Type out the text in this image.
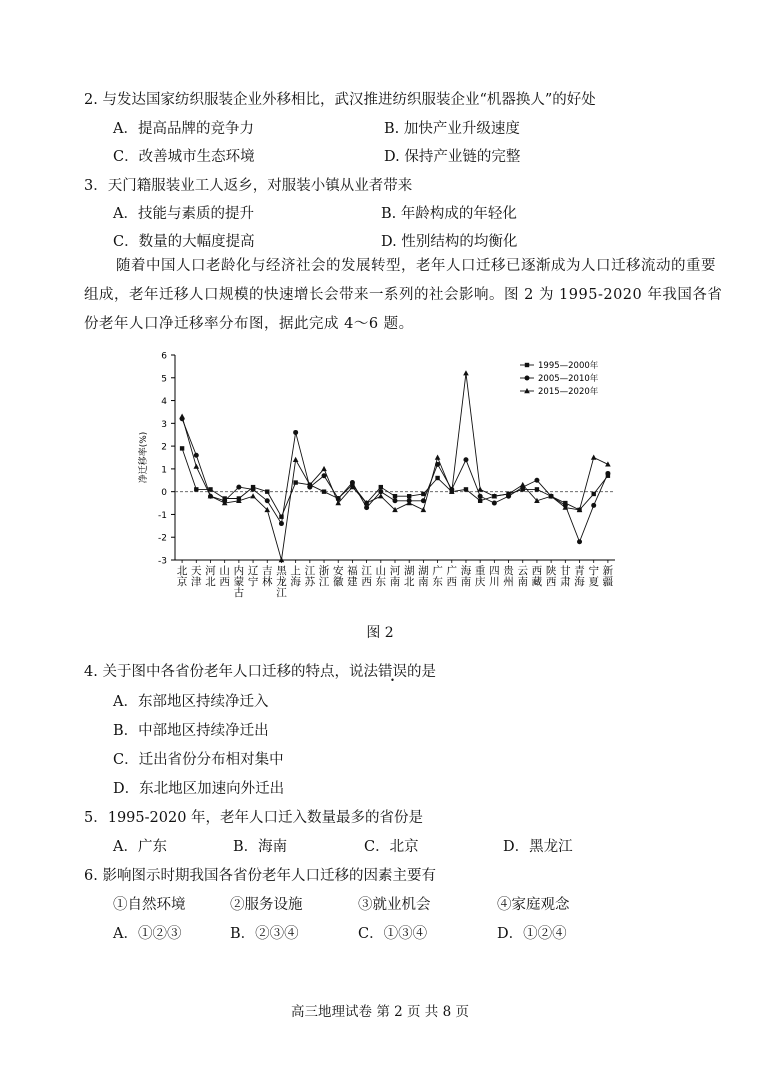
2. 与发达国家纺织服装企业外移相比，武汉推进纺织服装企业“机器换人”的好处
A．提高品牌的竞争力	B. 加快产业升级速度
C．改善城市生态环境	D. 保持产业链的完整
3．天门籍服装业工人返乡，对服装小镇从业者带来
A．技能与素质的提升	B. 年龄构成的年轻化
C．数量的大幅度提高	D. 性别结构的均衡化
随着中国人口老龄化与经济社会的发展转型，老年人口迁移已逐渐成为人口迁移流动的重要组成，老年迁移人口规模的快速增长会带来一系列的社会影响。图 2 为 1995-2020 年我国各省份老年人口净迁移率分布图，据此完成 4～6 题。
-3
-2
-1
0
1
2
3
4
5
6
净迁移率(%)
北京
天津
河北
山西
内蒙古
辽宁
吉林
黑龙江
上海
江苏
浙江
安徽
福建
江西
山东
河南
湖北
湖南
广东
广西
海南
重庆
四川
贵州
云南
西藏
陕西
甘肃
青海
宁夏
新疆
1995—2000年
2005—2010年
2015—2020年
图 2
4. 关于图中各省份老年人口迁移的特点，说法错误的是
A．东部地区持续净迁入
B．中部地区持续净迁出
C．迁出省份分布相对集中
D．东北地区加速向外迁出
5．1995-2020 年，老年人口迁入数量最多的省份是
A．广东	B．海南	C．北京	D．黑龙江
6. 影响图示时期我国各省份老年人口迁移的因素主要有
①自然环境	②服务设施	③就业机会	④家庭观念
A．①②③	B．②③④	C．①③④	D．①②④
高三地理试卷 第 2 页 共 8 页
